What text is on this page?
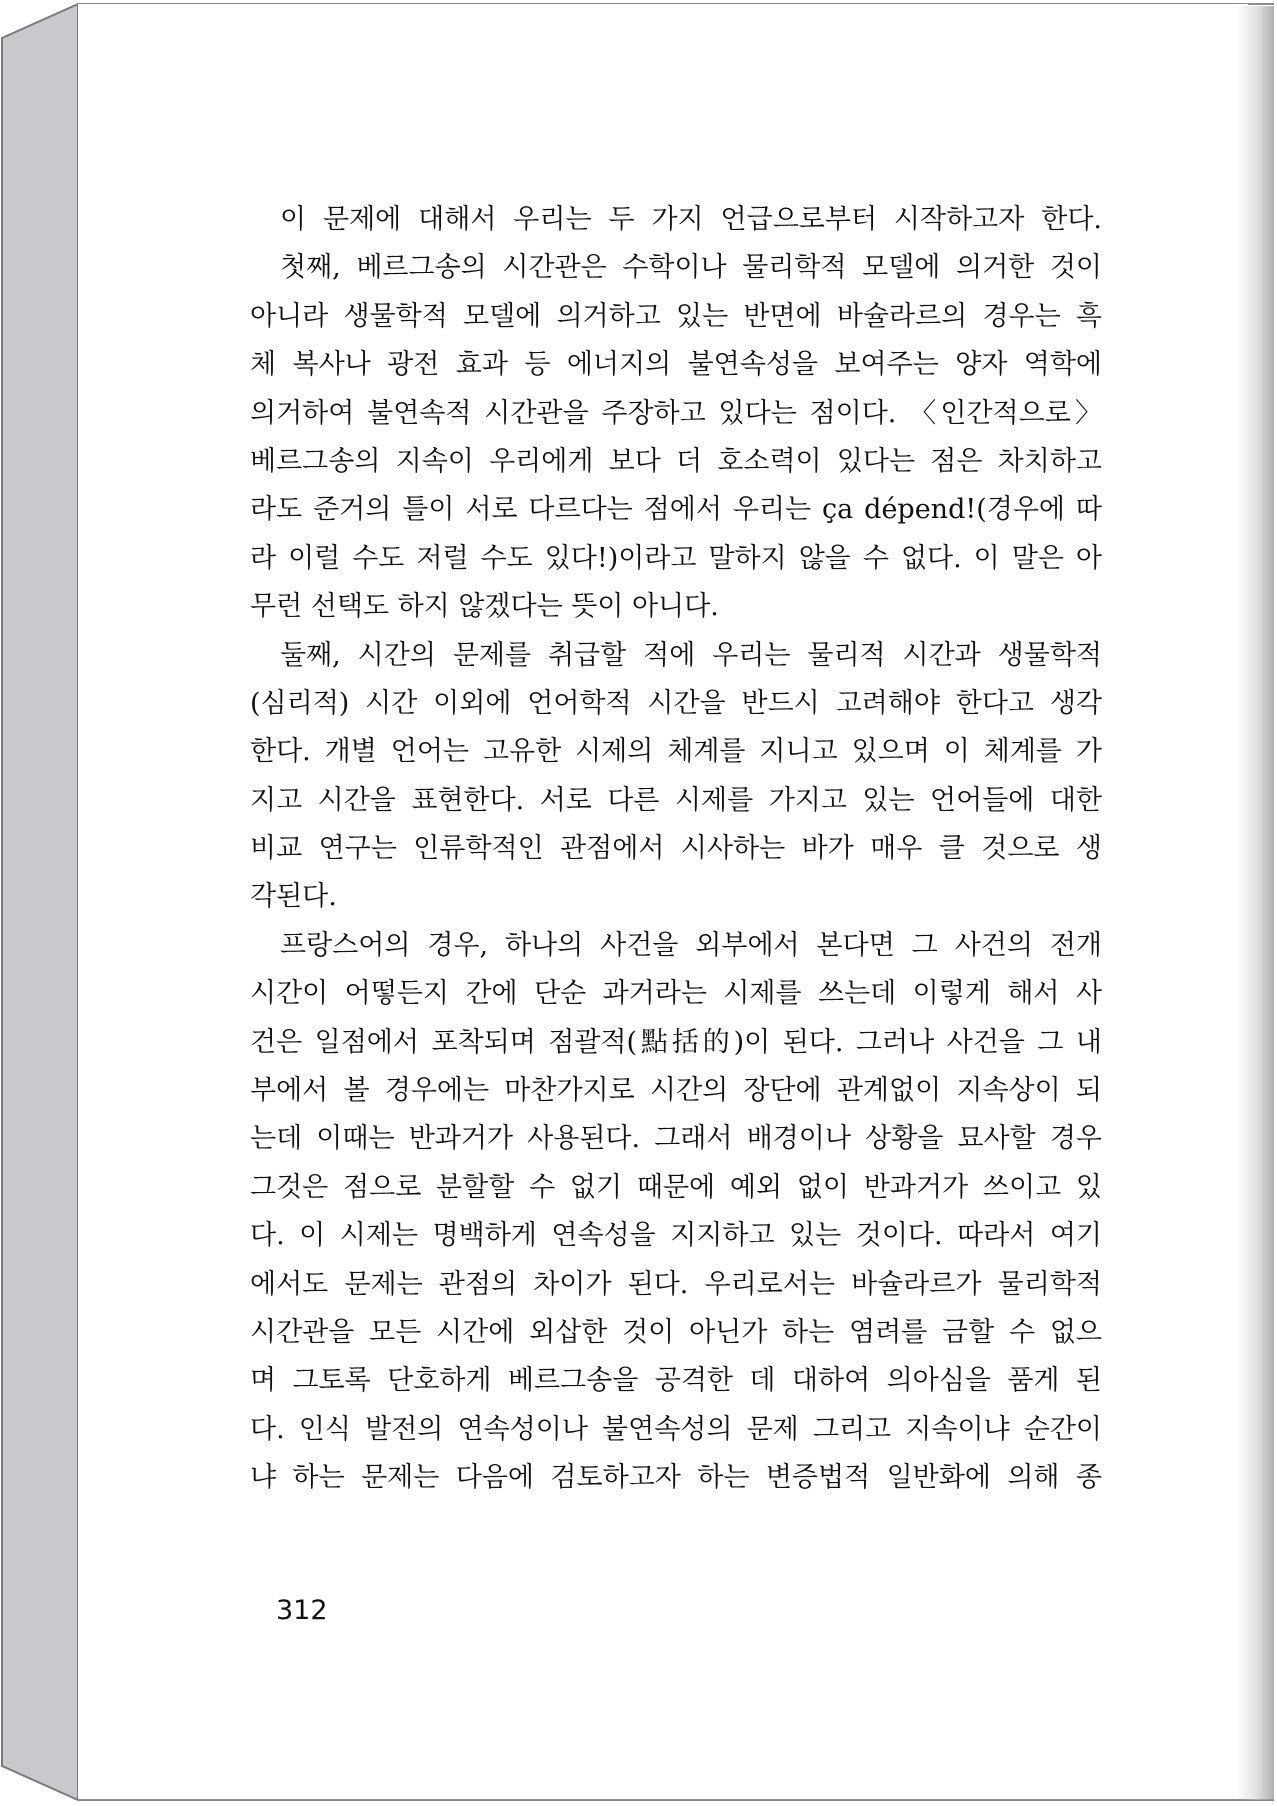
이 문제에 대해서 우리는 두 가지 언급으로부터 시작하고자 한다.
첫째, 베르그송의 시간관은 수학이나 물리학적 모델에 의거한 것이
아니라 생물학적 모델에 의거하고 있는 반면에 바슐라르의 경우는 흑
체 복사나 광전 효과 등 에너지의 불연속성을 보여주는 양자 역학에
의거하여 불연속적 시간관을 주장하고 있다는 점이다. 〈인간적으로〉
베르그송의 지속이 우리에게 보다 더 호소력이 있다는 점은 차치하고
라도 준거의 틀이 서로 다르다는 점에서 우리는 ça dépend!(경우에 따
라 이럴 수도 저럴 수도 있다!)이라고 말하지 않을 수 없다. 이 말은 아
무런 선택도 하지 않겠다는 뜻이 아니다.
둘째, 시간의 문제를 취급할 적에 우리는 물리적 시간과 생물학적
(심리적) 시간 이외에 언어학적 시간을 반드시 고려해야 한다고 생각
한다. 개별 언어는 고유한 시제의 체계를 지니고 있으며 이 체계를 가
지고 시간을 표현한다. 서로 다른 시제를 가지고 있는 언어들에 대한
비교 연구는 인류학적인 관점에서 시사하는 바가 매우 클 것으로 생
각된다.
프랑스어의 경우, 하나의 사건을 외부에서 본다면 그 사건의 전개
시간이 어떻든지 간에 단순 과거라는 시제를 쓰는데 이렇게 해서 사
건은 일점에서 포착되며 점괄적(點括的)이 된다. 그러나 사건을 그 내
부에서 볼 경우에는 마찬가지로 시간의 장단에 관계없이 지속상이 되
는데 이때는 반과거가 사용된다. 그래서 배경이나 상황을 묘사할 경우
그것은 점으로 분할할 수 없기 때문에 예외 없이 반과거가 쓰이고 있
다. 이 시제는 명백하게 연속성을 지지하고 있는 것이다. 따라서 여기
에서도 문제는 관점의 차이가 된다. 우리로서는 바슐라르가 물리학적
시간관을 모든 시간에 외삽한 것이 아닌가 하는 염려를 금할 수 없으
며 그토록 단호하게 베르그송을 공격한 데 대하여 의아심을 품게 된
다. 인식 발전의 연속성이나 불연속성의 문제 그리고 지속이냐 순간이
냐 하는 문제는 다음에 검토하고자 하는 변증법적 일반화에 의해 종
312
